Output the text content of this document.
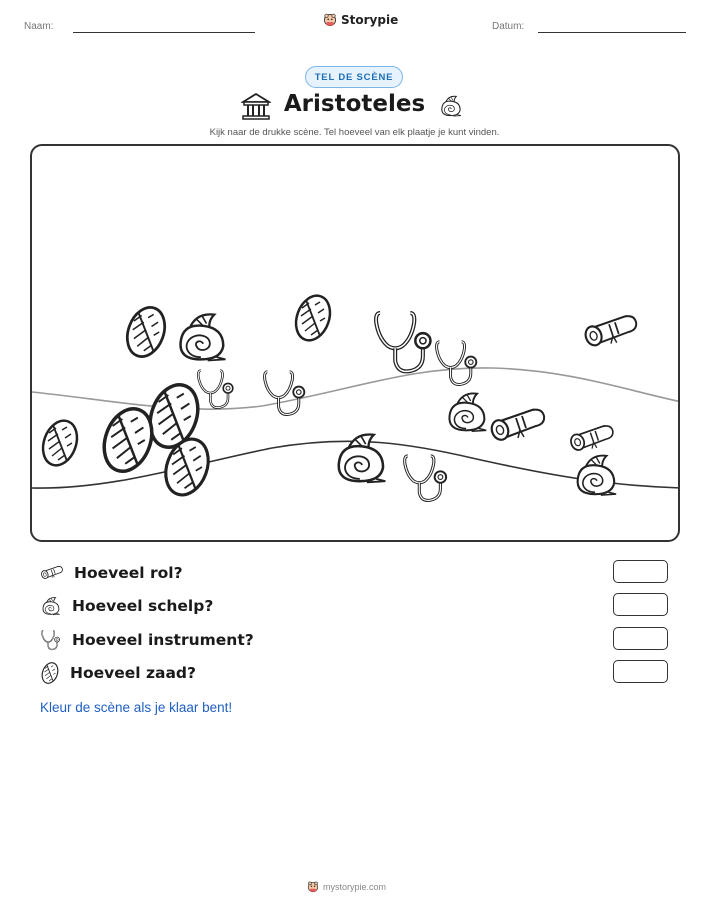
Naam:	Storypie	Datum:
TEL DE SCÈNE
Aristoteles
Kijk naar de drukke scène. Tel hoeveel van elk plaatje je kunt vinden.
Hoeveel rol?
Hoeveel schelp?
Hoeveel instrument?
Hoeveel zaad?
Kleur de scène als je klaar bent!
mystorypie.com
